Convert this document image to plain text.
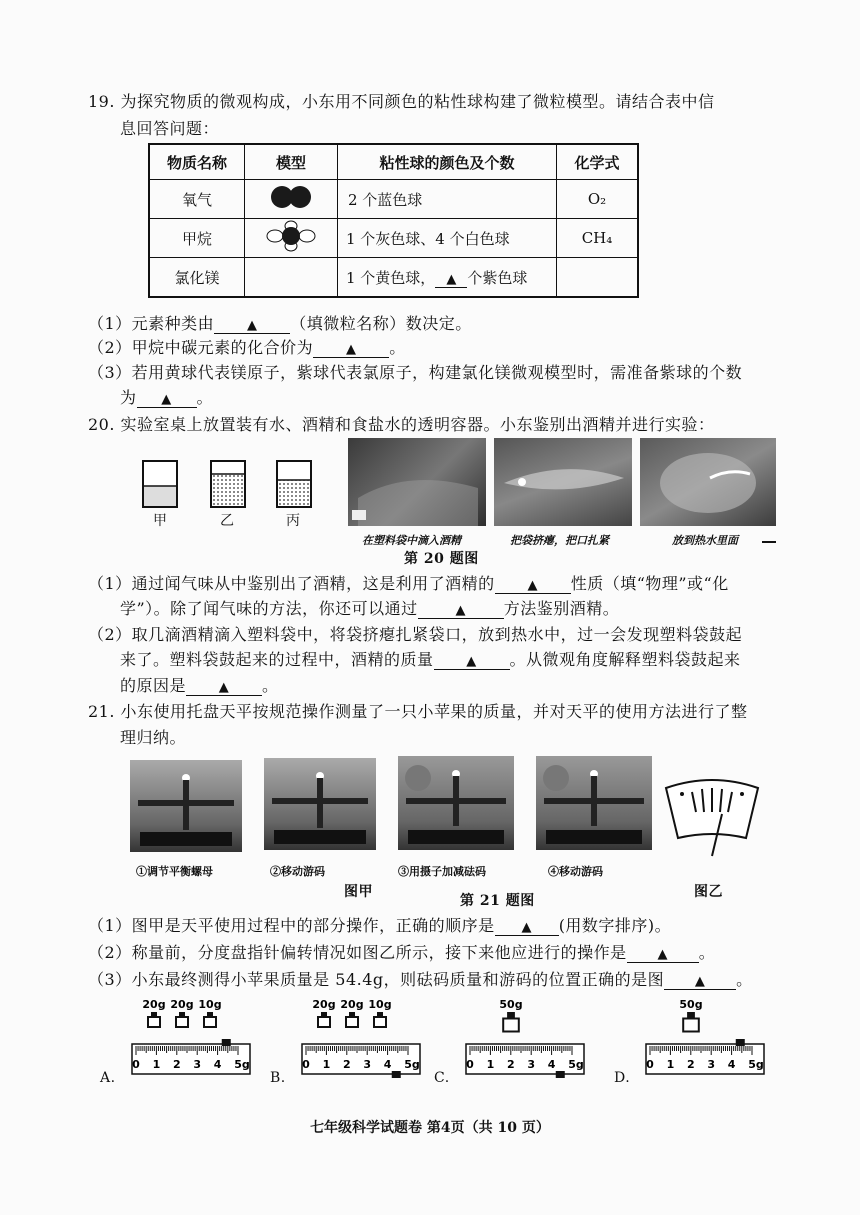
19. 为探究物质的微观构成，小东用不同颜色的粘性球构建了微粒模型。请结合表中信
息回答问题：
物质名称	模型	粘性球的颜色及个数	化学式
氧气		2 个蓝色球	O₂
甲烷		1 个灰色球、4 个白色球	CH₄
氯化镁		1 个黄色球， ▲ 个紫色球	
（1）元素种类由	▲ （填微粒名称）数决定。
（2）甲烷中碳元素的化合价为	▲ 。
（3）若用黄球代表镁原子，紫球代表氯原子，构建氯化镁微观模型时，需准备紫球的个数
为 ▲ 。
20. 实验室桌上放置装有水、酒精和食盐水的透明容器。小东鉴别出酒精并进行实验：
甲	乙	丙
在塑料袋中滴入酒精	把袋挤瘪，把口扎紧	放到热水里面
第 20 题图
（1）通过闻气味从中鉴别出了酒精，这是利用了酒精的	▲ 性质（填“物理”或“化
学”）。除了闻气味的方法，你还可以通过	▲ 方法鉴别酒精。
（2）取几滴酒精滴入塑料袋中，将袋挤瘪扎紧袋口，放到热水中，过一会发现塑料袋鼓起
来了。塑料袋鼓起来的过程中，酒精的质量	▲ 。从微观角度解释塑料袋鼓起来
的原因是	▲ 。
21. 小东使用托盘天平按规范操作测量了一只小苹果的质量，并对天平的使用方法进行了整
理归纳。
①调节平衡螺母	②移动游码	③用摄子加减砝码	④移动游码
图甲
第 21 题图
图乙
（1）图甲是天平使用过程中的部分操作，正确的顺序是 ▲ (用数字排序)。
（2）称量前，分度盘指针偏转情况如图乙所示，接下来他应进行的操作是 ▲ 。
（3）小东最终测得小苹果质量是 54.4g，则砝码质量和游码的位置正确的是图 ▲ 。
A.
20g 20g 10g
0 1 2 3 4 5g
B.
20g 20g 10g
0 1 2 3 4 5g
C.
50g
0 1 2 3 4 5g
D.
50g
0 1 2 3 4 5g
七年级科学试题卷 第4页（共 10 页）
